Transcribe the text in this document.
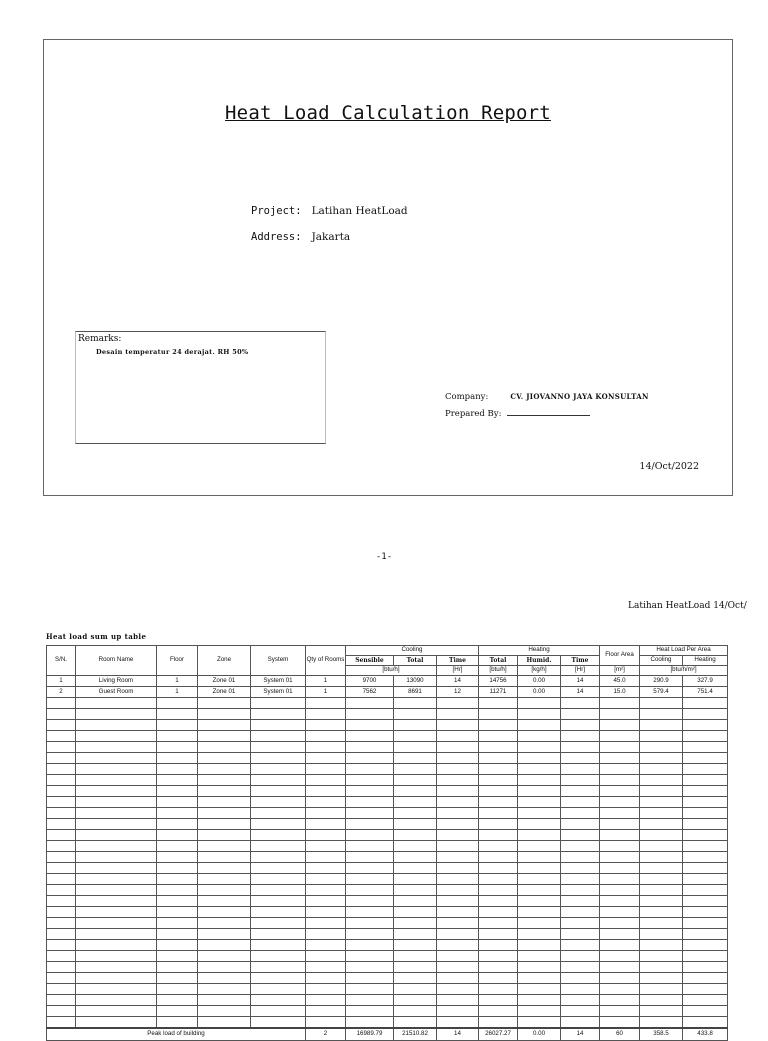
Heat Load Calculation Report
Project: Latihan HeatLoad
Address: Jakarta
Remarks:
Desain temperatur 24 derajat. RH 50%
Company:	CV. JIOVANNO JAYA KONSULTAN
Prepared By:
14/Oct/2022
-1-
Latihan HeatLoad 14/Oct/
Heat load sum up table
S/N.	Room Name	Floor	Zone	System	Qty of Rooms	Cooling			Heating			Floor Area	Heat Load Per Area	
						Sensible	Total	Time	Total	Humid.	Time		Cooling	Heating
						[btu/h]		[Hr]	[btu/h]	[kg/h]	[Hr]	[m²]	[btu/h/m²]	
1	Living Room	1	Zone 01	System 01	1	9700	13090	14	14756	0.00	14	45.0	290.9	327.9
2	Guest Room	1	Zone 01	System 01	1	7562	8691	12	11271	0.00	14	15.0	579.4	751.4

Peak load of building					2	16989.79	21510.82	14	26027.27	0.00	14	60	358.5	433.8
